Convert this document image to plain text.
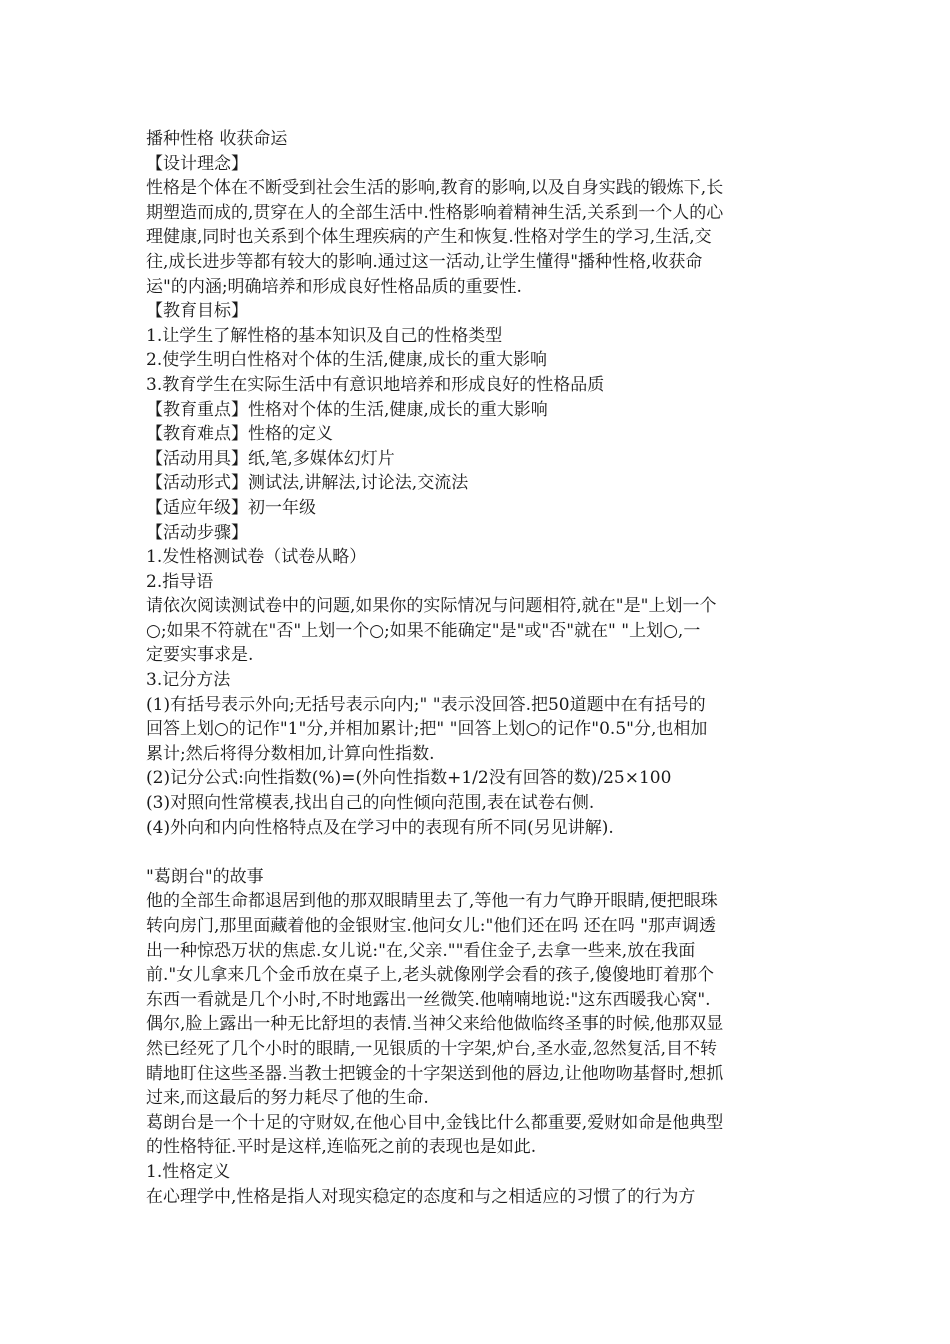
播种性格 收获命运
【设计理念】
性格是个体在不断受到社会生活的影响,教育的影响,以及自身实践的锻炼下,长
期塑造而成的,贯穿在人的全部生活中.性格影响着精神生活,关系到一个人的心
理健康,同时也关系到个体生理疾病的产生和恢复.性格对学生的学习,生活,交
往,成长进步等都有较大的影响.通过这一活动,让学生懂得"播种性格,收获命
运"的内涵;明确培养和形成良好性格品质的重要性.
【教育目标】
1.让学生了解性格的基本知识及自己的性格类型
2.使学生明白性格对个体的生活,健康,成长的重大影响
3.教育学生在实际生活中有意识地培养和形成良好的性格品质
【教育重点】性格对个体的生活,健康,成长的重大影响
【教育难点】性格的定义
【活动用具】纸,笔,多媒体幻灯片
【活动形式】测试法,讲解法,讨论法,交流法
【适应年级】初一年级
【活动步骤】
1.发性格测试卷（试卷从略）
2.指导语
请依次阅读测试卷中的问题,如果你的实际情况与问题相符,就在"是"上划一个
○;如果不符就在"否"上划一个○;如果不能确定"是"或"否"就在" "上划○,一
定要实事求是.
3.记分方法
(1)有括号表示外向;无括号表示向内;" "表示没回答.把50道题中在有括号的
回答上划○的记作"1"分,并相加累计;把" "回答上划○的记作"0.5"分,也相加
累计;然后将得分数相加,计算向性指数.
(2)记分公式:向性指数(%)=(外向性指数+1/2没有回答的数)/25×100
(3)对照向性常模表,找出自己的向性倾向范围,表在试卷右侧.
(4)外向和内向性格特点及在学习中的表现有所不同(另见讲解).
"葛朗台"的故事
他的全部生命都退居到他的那双眼睛里去了,等他一有力气睁开眼睛,便把眼珠
转向房门,那里面藏着他的金银财宝.他问女儿:"他们还在吗 还在吗 "那声调透
出一种惊恐万状的焦虑.女儿说:"在,父亲.""看住金子,去拿一些来,放在我面
前."女儿拿来几个金币放在桌子上,老头就像刚学会看的孩子,傻傻地盯着那个
东西一看就是几个小时,不时地露出一丝微笑.他喃喃地说:"这东西暖我心窝".
偶尔,脸上露出一种无比舒坦的表情.当神父来给他做临终圣事的时候,他那双显
然已经死了几个小时的眼睛,一见银质的十字架,炉台,圣水壶,忽然复活,目不转
睛地盯住这些圣器.当教士把镀金的十字架送到他的唇边,让他吻吻基督时,想抓
过来,而这最后的努力耗尽了他的生命.
葛朗台是一个十足的守财奴,在他心目中,金钱比什么都重要,爱财如命是他典型
的性格特征.平时是这样,连临死之前的表现也是如此.
1.性格定义
在心理学中,性格是指人对现实稳定的态度和与之相适应的习惯了的行为方
